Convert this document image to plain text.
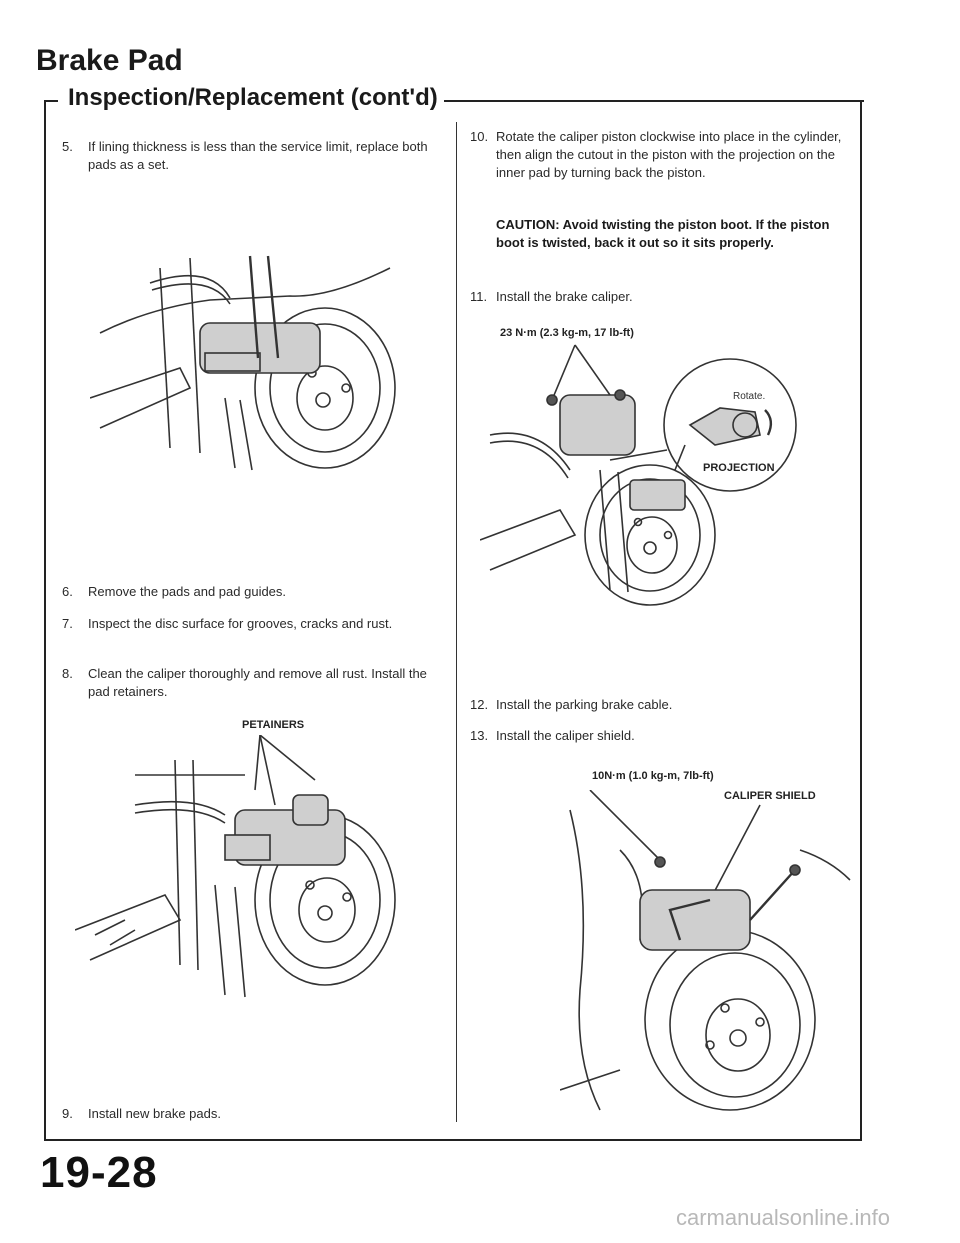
Brake Pad
Inspection/Replacement (cont'd)
5. If lining thickness is less than the service limit, replace both pads as a set.
6. Remove the pads and pad guides.
7. Inspect the disc surface for grooves, cracks and rust.
8. Clean the caliper thoroughly and remove all rust. Install the pad retainers.
PETAINERS
9. Install new brake pads.
10. Rotate the caliper piston clockwise into place in the cylinder, then align the cutout in the piston with the projection on the inner pad by turning back the piston.
CAUTION: Avoid twisting the piston boot. If the piston boot is twisted, back it out so it sits properly.
11. Install the brake caliper.
23 N·m (2.3 kg-m, 17 lb-ft)
Rotate.
PROJECTION
12. Install the parking brake cable.
13. Install the caliper shield.
10N·m (1.0 kg-m, 7lb-ft)
CALIPER SHIELD
19-28
carmanualsonline.info
